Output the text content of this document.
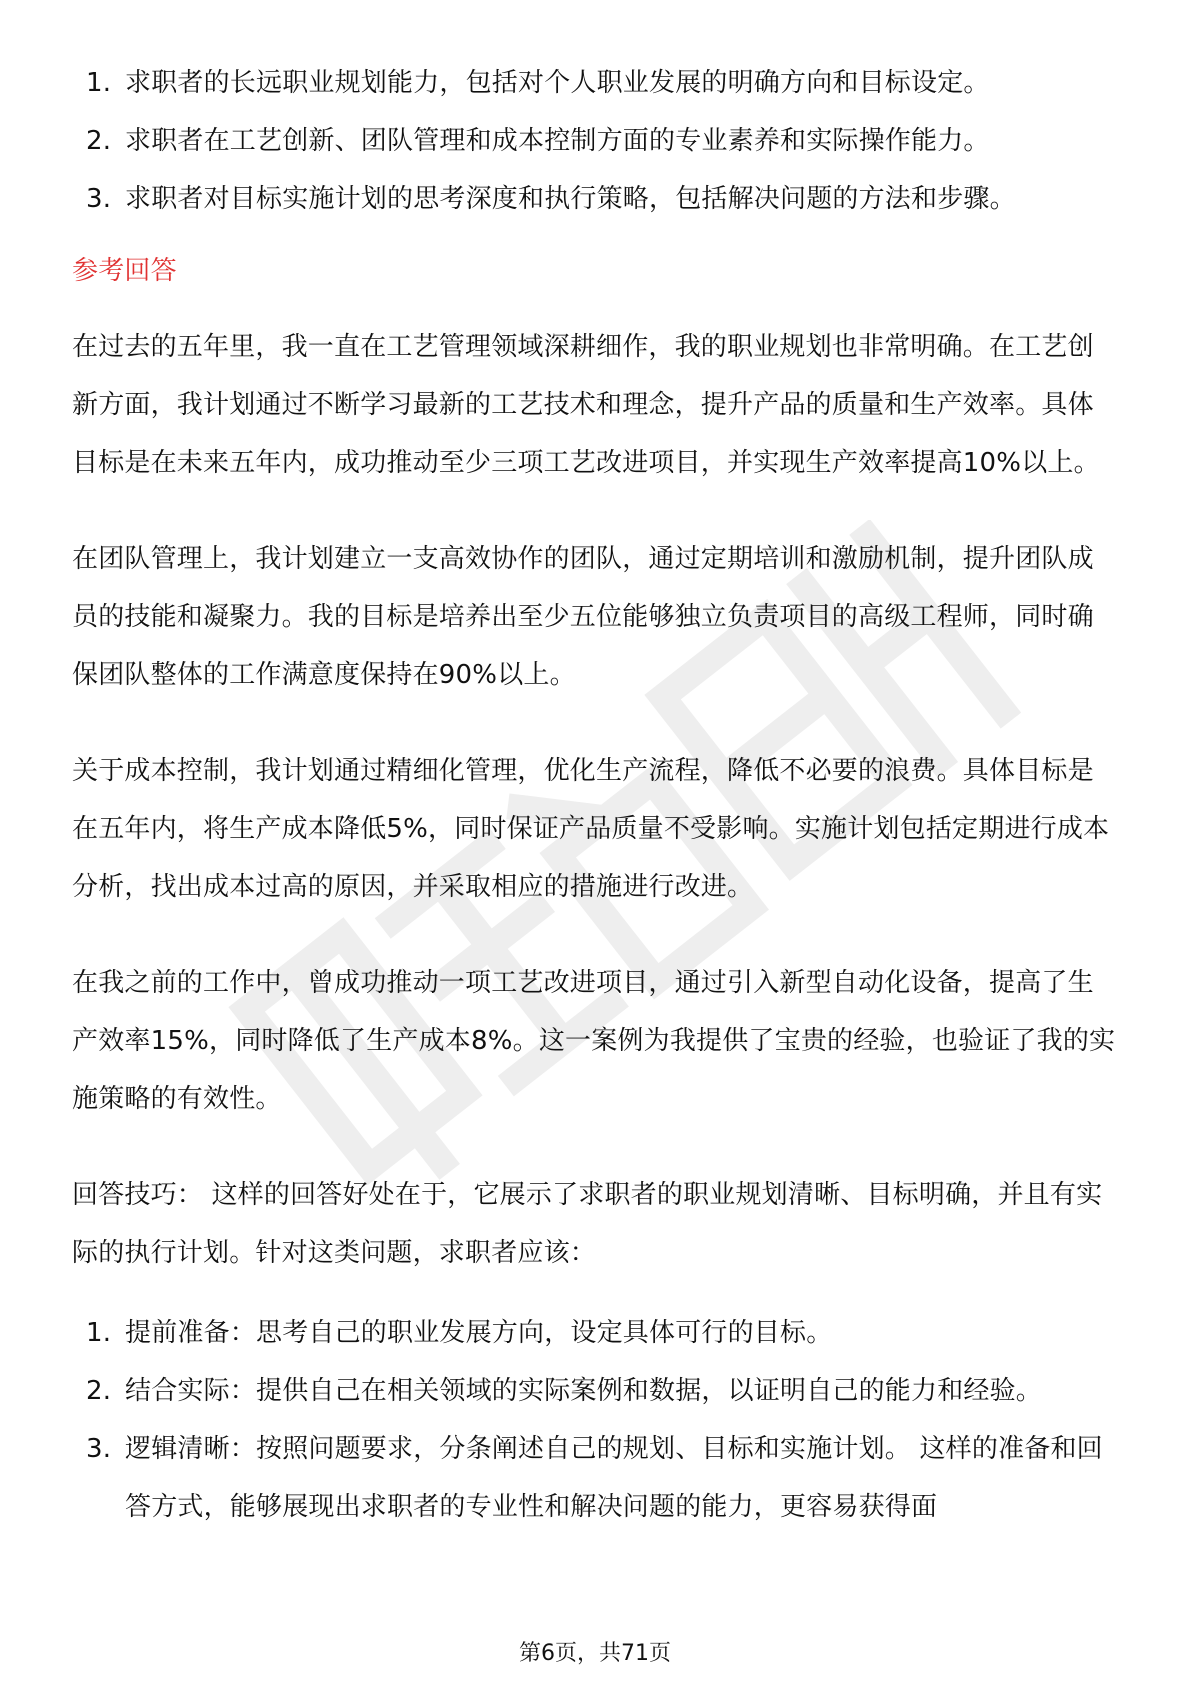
1. 求职者的长远职业规划能力，包括对个人职业发展的明确方向和目标设定。
2. 求职者在工艺创新、团队管理和成本控制方面的专业素养和实际操作能力。
3. 求职者对目标实施计划的思考深度和执行策略，包括解决问题的方法和步骤。
参考回答

在过去的五年里，我一直在工艺管理领域深耕细作，我的职业规划也非常明确。在工艺创新方面，我计划通过不断学习最新的工艺技术和理念，提升产品的质量和生产效率。具体目标是在未来五年内，成功推动至少三项工艺改进项目，并实现生产效率提高10%以上。

在团队管理上，我计划建立一支高效协作的团队，通过定期培训和激励机制，提升团队成员的技能和凝聚力。我的目标是培养出至少五位能够独立负责项目的高级工程师，同时确保团队整体的工作满意度保持在90%以上。

关于成本控制，我计划通过精细化管理，优化生产流程，降低不必要的浪费。具体目标是在五年内，将生产成本降低5%，同时保证产品质量不受影响。实施计划包括定期进行成本分析，找出成本过高的原因，并采取相应的措施进行改进。

在我之前的工作中，曾成功推动一项工艺改进项目，通过引入新型自动化设备，提高了生产效率15%，同时降低了生产成本8%。这一案例为我提供了宝贵的经验，也验证了我的实施策略的有效性。

回答技巧： 这样的回答好处在于，它展示了求职者的职业规划清晰、目标明确，并且有实际的执行计划。针对这类问题，求职者应该：

1. 提前准备：思考自己的职业发展方向，设定具体可行的目标。
2. 结合实际：提供自己在相关领域的实际案例和数据，以证明自己的能力和经验。
3. 逻辑清晰：按照问题要求，分条阐述自己的规划、目标和实施计划。 这样的准备和回答方式，能够展现出求职者的专业性和解决问题的能力，更容易获得面
第6页，共71页
